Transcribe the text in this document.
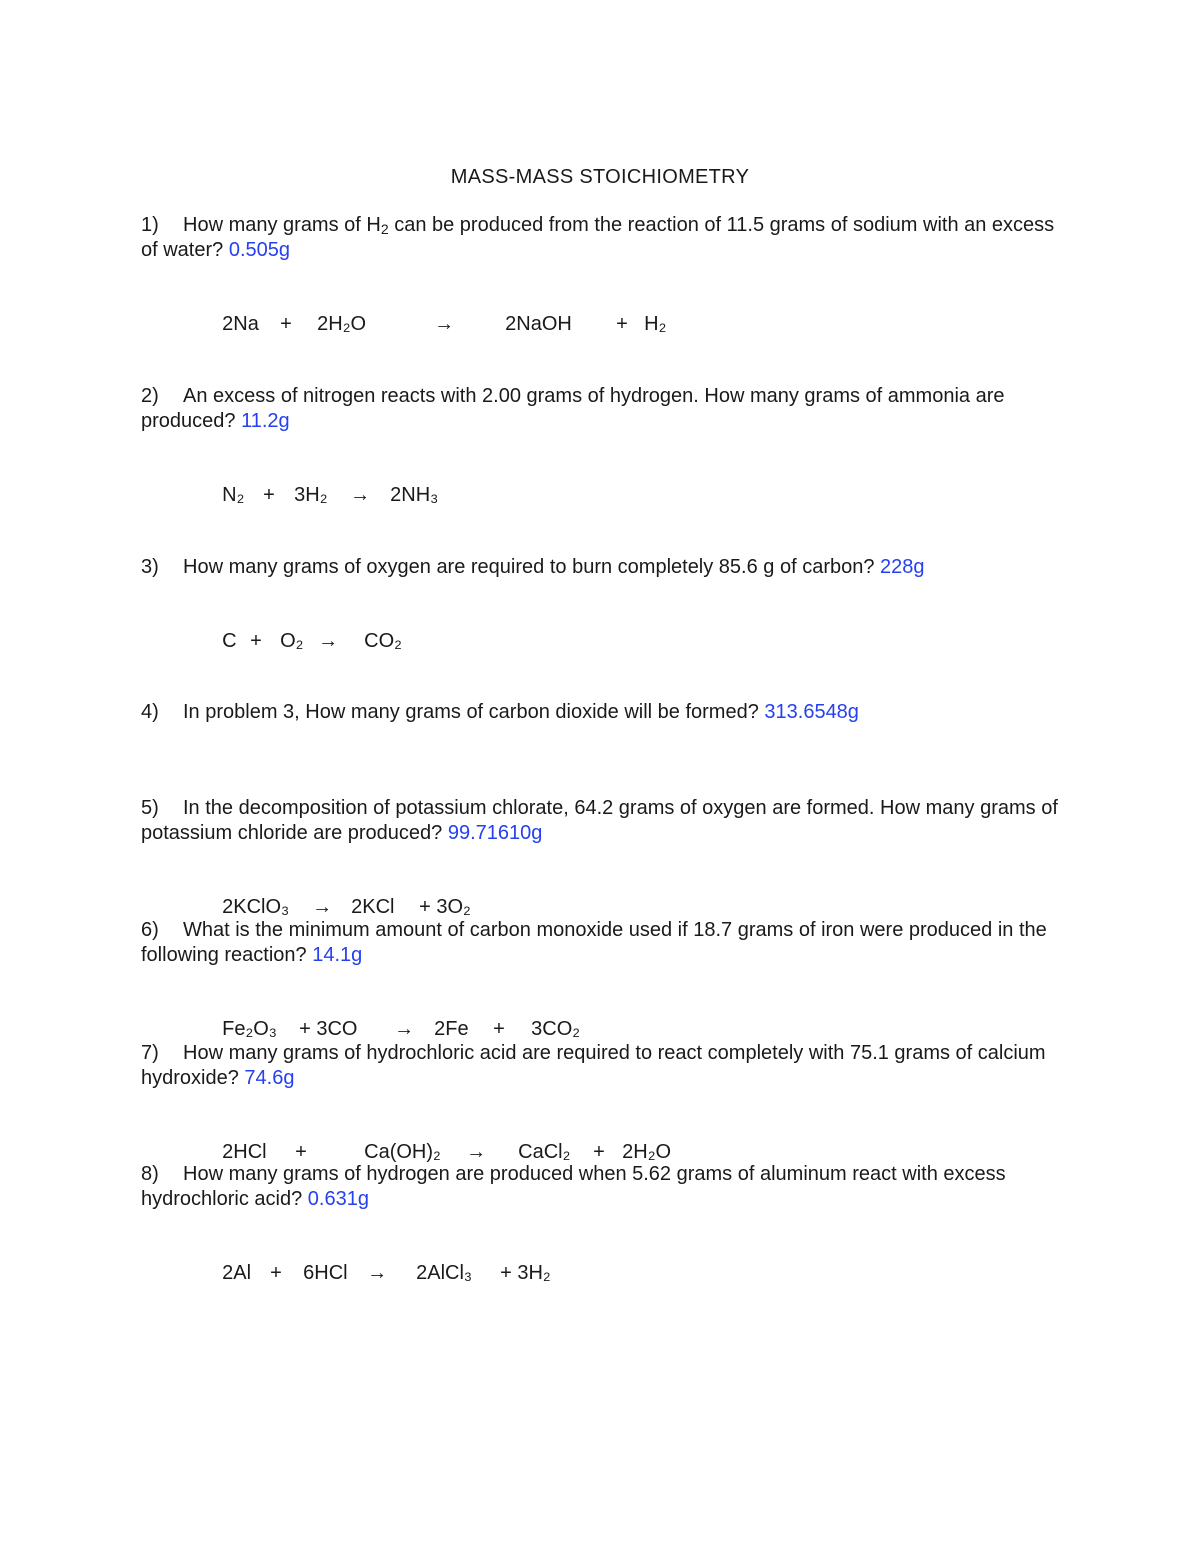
MASS-MASS STOICHIOMETRY
1) How many grams of $H_2$ can be produced from the reaction of 11.5 grams of sodium with an excess of water? 0.505g

2Na + 2H₂O	→	2NaOH + H₂

2) An excess of nitrogen reacts with 2.00 grams of hydrogen. How many grams of ammonia are produced? 11.2g

N₂ + 3H₂ → 2NH₃

3) How many grams of oxygen are required to burn completely 85.6 g of carbon? 228g

C + O₂ → CO₂

4) In problem 3, How many grams of carbon dioxide will be formed? 313.6548g
5) In the decomposition of potassium chlorate, 64.2 grams of oxygen are formed. How many grams of potassium chloride are produced? 99.71610g

2KClO₃ → 2KCl + 3O₂

6) What is the minimum amount of carbon monoxide used if 18.7 grams of iron were produced in the following reaction? 14.1g

Fe₂O₃ + 3CO → 2Fe + 3CO₂

7) How many grams of hydrochloric acid are required to react completely with 75.1 grams of calcium hydroxide? 74.6g

2HCl +	Ca(OH)₂ → CaCl₂ + 2H₂O

8) How many grams of hydrogen are produced when 5.62 grams of aluminum react with excess hydrochloric acid? 0.631g

2Al + 6HCl → 2AlCl₃ + 3H₂
